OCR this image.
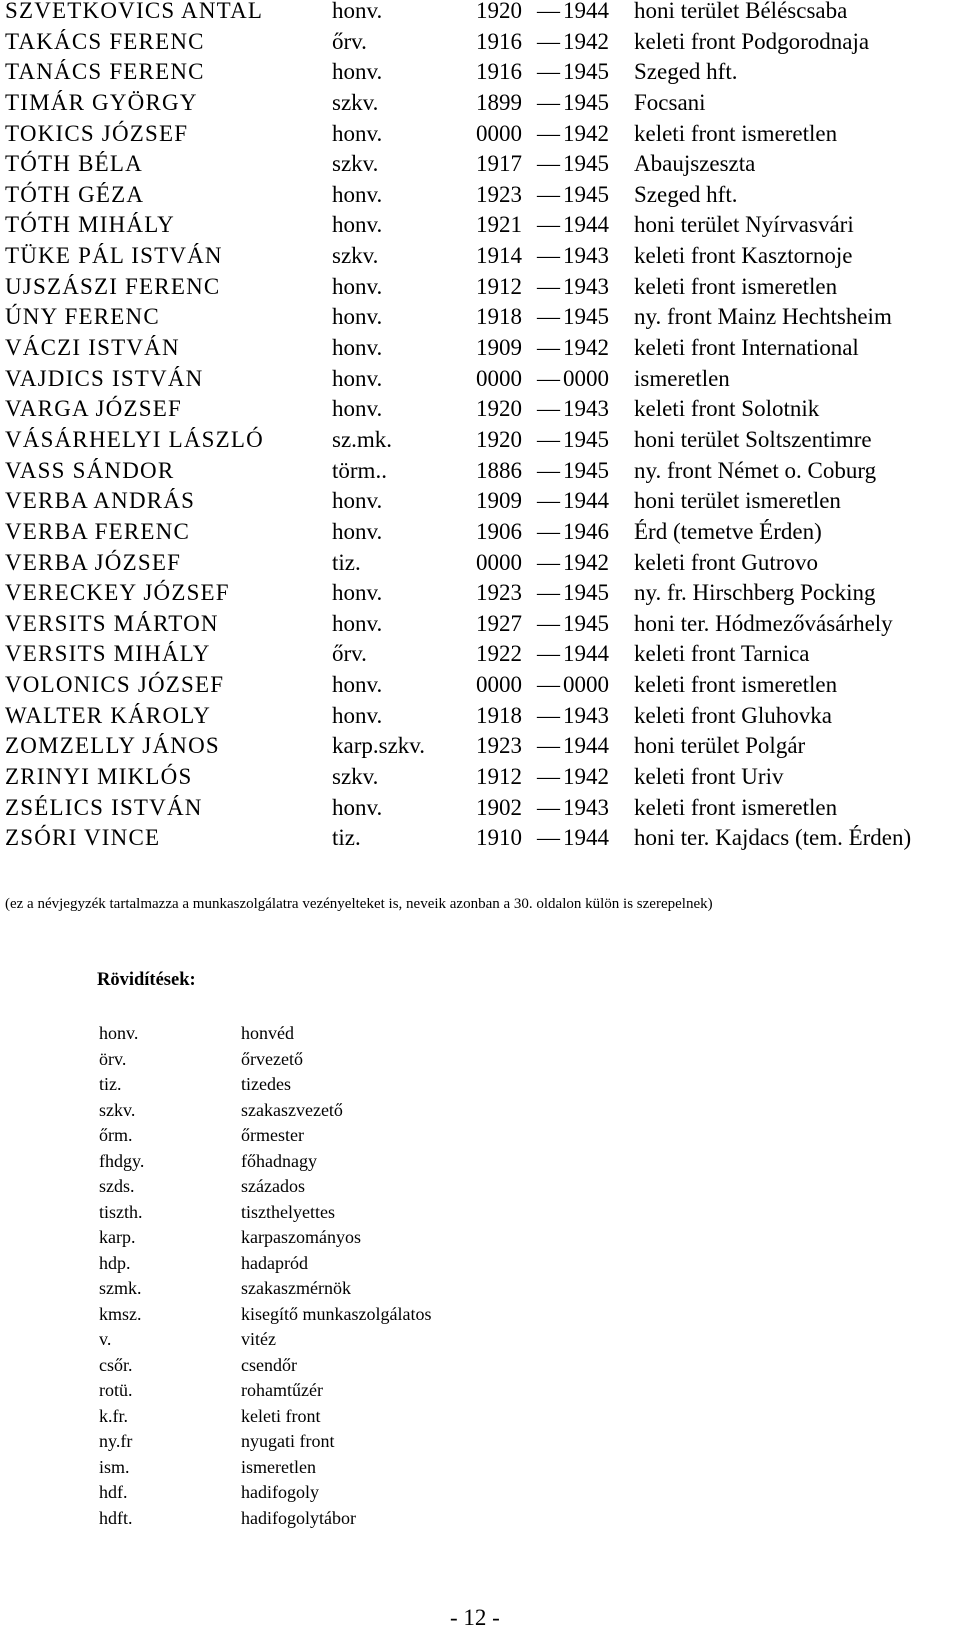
SZVETKOVICS ANTAL	honv.	1920 — 1944 honi terület Béléscsaba
TAKÁCS FERENC	őrv.	1916 — 1942 keleti front Podgorodnaja
TANÁCS FERENC	honv.	1916 — 1945 Szeged hft.
TIMÁR GYÖRGY	szkv.	1899 — 1945 Focsani
TOKICS JÓZSEF	honv.	0000 — 1942 keleti front ismeretlen
TÓTH BÉLA	szkv.	1917 — 1945 Abaujszeszta
TÓTH GÉZA	honv.	1923 — 1945 Szeged hft.
TÓTH MIHÁLY	honv.	1921 — 1944 honi terület Nyírvasvári
TÜKE PÁL ISTVÁN	szkv.	1914 — 1943 keleti front Kasztornoje
UJSZÁSZI FERENC	honv.	1912 — 1943 keleti front ismeretlen
ÚNY FERENC	honv.	1918 — 1945 ny. front Mainz Hechtsheim
VÁCZI ISTVÁN	honv.	1909 — 1942 keleti front International
VAJDICS ISTVÁN	honv.	0000 — 0000 ismeretlen
VARGA JÓZSEF	honv.	1920 — 1943 keleti front Solotnik
VÁSÁRHELYI LÁSZLÓ	sz.mk.	1920 — 1945 honi terület Soltszentimre
VASS SÁNDOR	törm..	1886 — 1945 ny. front Német o. Coburg
VERBA ANDRÁS	honv.	1909 — 1944 honi terület ismeretlen
VERBA FERENC	honv.	1906 — 1946 Érd (temetve Érden)
VERBA JÓZSEF	tiz.	0000 — 1942 keleti front Gutrovo
VERECKEY JÓZSEF	honv.	1923 — 1945 ny. fr. Hirschberg Pocking
VERSITS MÁRTON	honv.	1927 — 1945 honi ter. Hódmezővásárhely
VERSITS MIHÁLY	őrv.	1922 — 1944 keleti front Tarnica
VOLONICS JÓZSEF	honv.	0000 — 0000 keleti front ismeretlen
WALTER KÁROLY	honv.	1918 — 1943 keleti front Gluhovka
ZOMZELLY JÁNOS	karp.szkv. 1923 — 1944 honi terület Polgár
ZRINYI MIKLÓS	szkv.	1912 — 1942 keleti front Uriv
ZSÉLICS ISTVÁN	honv.	1902 — 1943 keleti front ismeretlen
ZSÓRI VINCE	tiz.	1910 — 1944 honi ter. Kajdacs (tem. Érden)
(ez a névjegyzék tartalmazza a munkaszolgálatra vezényelteket is, neveik azonban a 30. oldalon külön is szerepelnek)
Rövidítések:
honv.	honvéd
örv.	őrvezető
tiz.	tizedes
szkv.	szakaszvezető
őrm.	őrmester
fhdgy.	főhadnagy
szds.	százados
tiszth.	tiszthelyettes
karp.	karpaszományos
hdp.	hadapród
szmk.	szakaszmérnök
kmsz.	kisegítő munkaszolgálatos
v.	vitéz
csőr.	csendőr
rotü.	rohamtűzér
k.fr.	keleti front
ny.fr	nyugati front
ism.	ismeretlen
hdf.	hadifogoly
hdft.	hadifogolytábor
- 12 -
